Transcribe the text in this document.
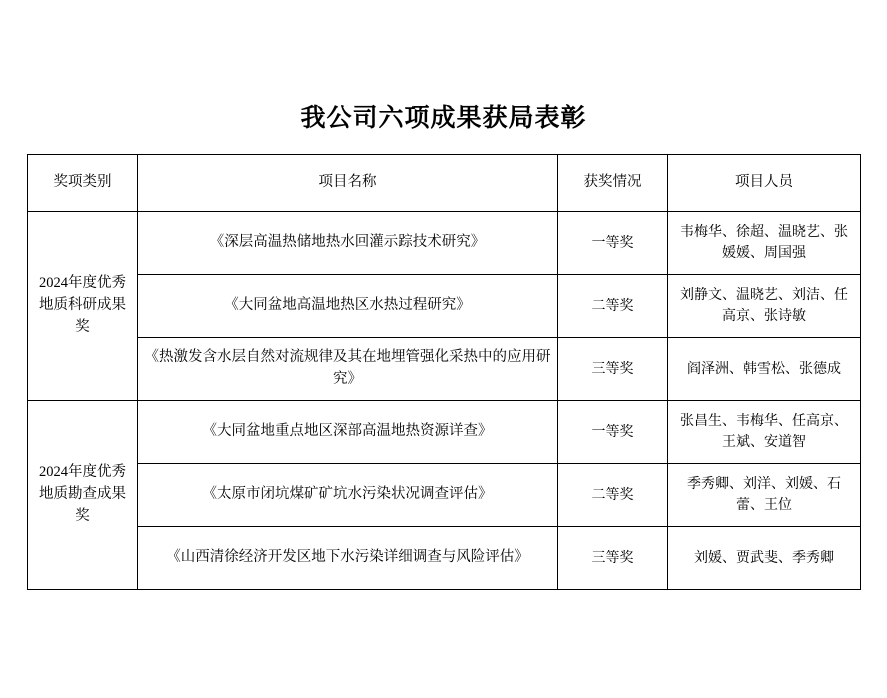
我公司六项成果获局表彰
奖项类别	项目名称	获奖情况	项目人员
2024年度优秀地质科研成果奖	《深层高温热储地热水回灌示踪技术研究》	一等奖	韦梅华、徐超、温晓艺、张媛媛、周国强
	《大同盆地高温地热区水热过程研究》	二等奖	刘静文、温晓艺、刘洁、任高京、张诗敏
	《热激发含水层自然对流规律及其在地埋管强化采热中的应用研究》	三等奖	阎泽洲、韩雪松、张德成
2024年度优秀地质勘查成果奖	《大同盆地重点地区深部高温地热资源详查》	一等奖	张昌生、韦梅华、任高京、王斌、安道智
	《太原市闭坑煤矿矿坑水污染状况调查评估》	二等奖	季秀卿、刘洋、刘媛、石蕾、王位
	《山西清徐经济开发区地下水污染详细调查与风险评估》	三等奖	刘媛、贾武斐、季秀卿
